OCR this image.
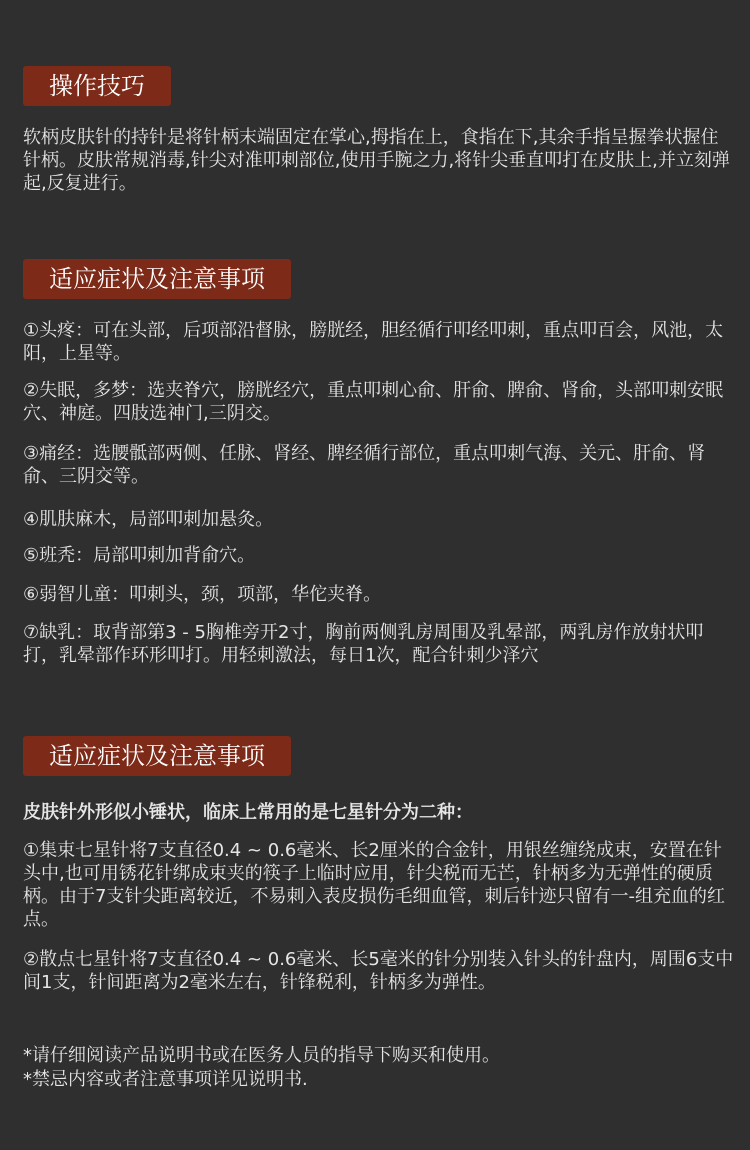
操作技巧

软柄皮肤针的持针是将针柄末端固定在掌心,拇指在上，食指在下,其余手指呈握拳状握住针柄。皮肤常规消毒,针尖对准叩刺部位,使用手腕之力,将针尖垂直叩打在皮肤上,并立刻弹起,反复进行。

适应症状及注意事项

①头疼：可在头部，后项部沿督脉，膀胱经，胆经循行叩经叩刺，重点叩百会，风池，太阳，上星等。

②失眠，多梦：选夹脊穴，膀胱经穴，重点叩刺心俞、肝俞、脾俞、肾俞，头部叩刺安眠穴、神庭。四肢选神门,三阴交。

③痛经：选腰骶部两侧、任脉、肾经、脾经循行部位，重点叩刺气海、关元、肝俞、肾俞、三阴交等。

④肌肤麻木，局部叩刺加悬灸。

⑤班秃：局部叩刺加背俞穴。

⑥弱智儿童：叩刺头，颈，项部，华佗夹脊。

⑦缺乳：取背部第3 - 5胸椎旁开2寸，胸前两侧乳房周围及乳晕部，两乳房作放射状叩打，乳晕部作环形叩打。用轻刺激法，每日1次，配合针刺少泽穴

适应症状及注意事项

皮肤针外形似小锤状，临床上常用的是七星针分为二种：

①集束七星针将7支直径0.4 ~ 0.6毫米、长2厘米的合金针，用银丝缠绕成束，安置在针头中,也可用锈花针绑成束夹的筷子上临时应用，针尖税而无芒，针柄多为无弹性的硬质柄。由于7支针尖距离较近，不易刺入表皮损伤毛细血管，刺后针迹只留有一-组充血的红点。

②散点七星针将7支直径0.4 ~ 0.6毫米、长5毫米的针分别装入针头的针盘内，周围6支中间1支，针间距离为2毫米左右，针锋税利，针柄多为弹性。

*请仔细阅读产品说明书或在医务人员的指导下购买和使用。
*禁忌内容或者注意事项详见说明书.
